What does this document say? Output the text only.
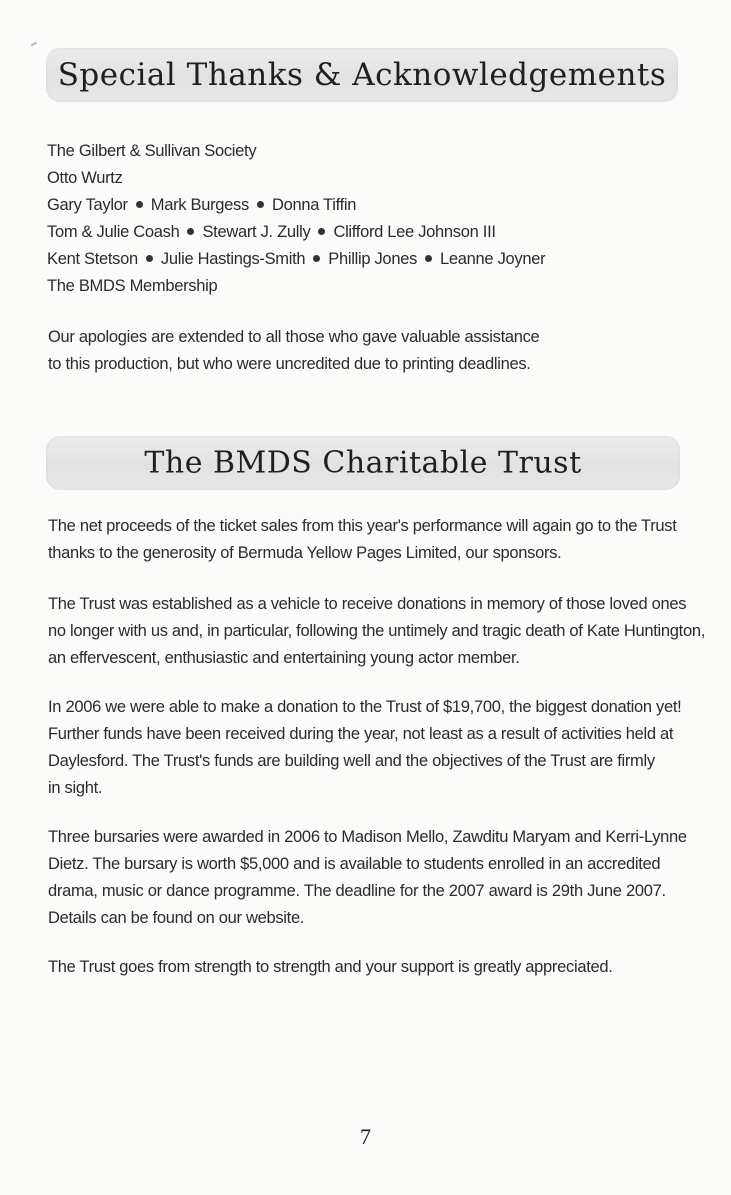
Special Thanks & Acknowledgements
The Gilbert & Sullivan Society
Otto Wurtz
Gary Taylor Mark Burgess Donna Tiffin
Tom & Julie Coash Stewart J. Zully Clifford Lee Johnson III
Kent Stetson Julie Hastings-Smith Phillip Jones Leanne Joyner
The BMDS Membership
Our apologies are extended to all those who gave valuable assistance
to this production, but who were uncredited due to printing deadlines.
The BMDS Charitable Trust
The net proceeds of the ticket sales from this year's performance will again go to the Trust
thanks to the generosity of Bermuda Yellow Pages Limited, our sponsors.
The Trust was established as a vehicle to receive donations in memory of those loved ones
no longer with us and, in particular, following the untimely and tragic death of Kate Huntington,
an effervescent, enthusiastic and entertaining young actor member.
In 2006 we were able to make a donation to the Trust of $19,700, the biggest donation yet!
Further funds have been received during the year, not least as a result of activities held at
Daylesford. The Trust's funds are building well and the objectives of the Trust are firmly
in sight.
Three bursaries were awarded in 2006 to Madison Mello, Zawditu Maryam and Kerri-Lynne
Dietz. The bursary is worth $5,000 and is available to students enrolled in an accredited
drama, music or dance programme. The deadline for the 2007 award is 29th June 2007.
Details can be found on our website.
The Trust goes from strength to strength and your support is greatly appreciated.
7
